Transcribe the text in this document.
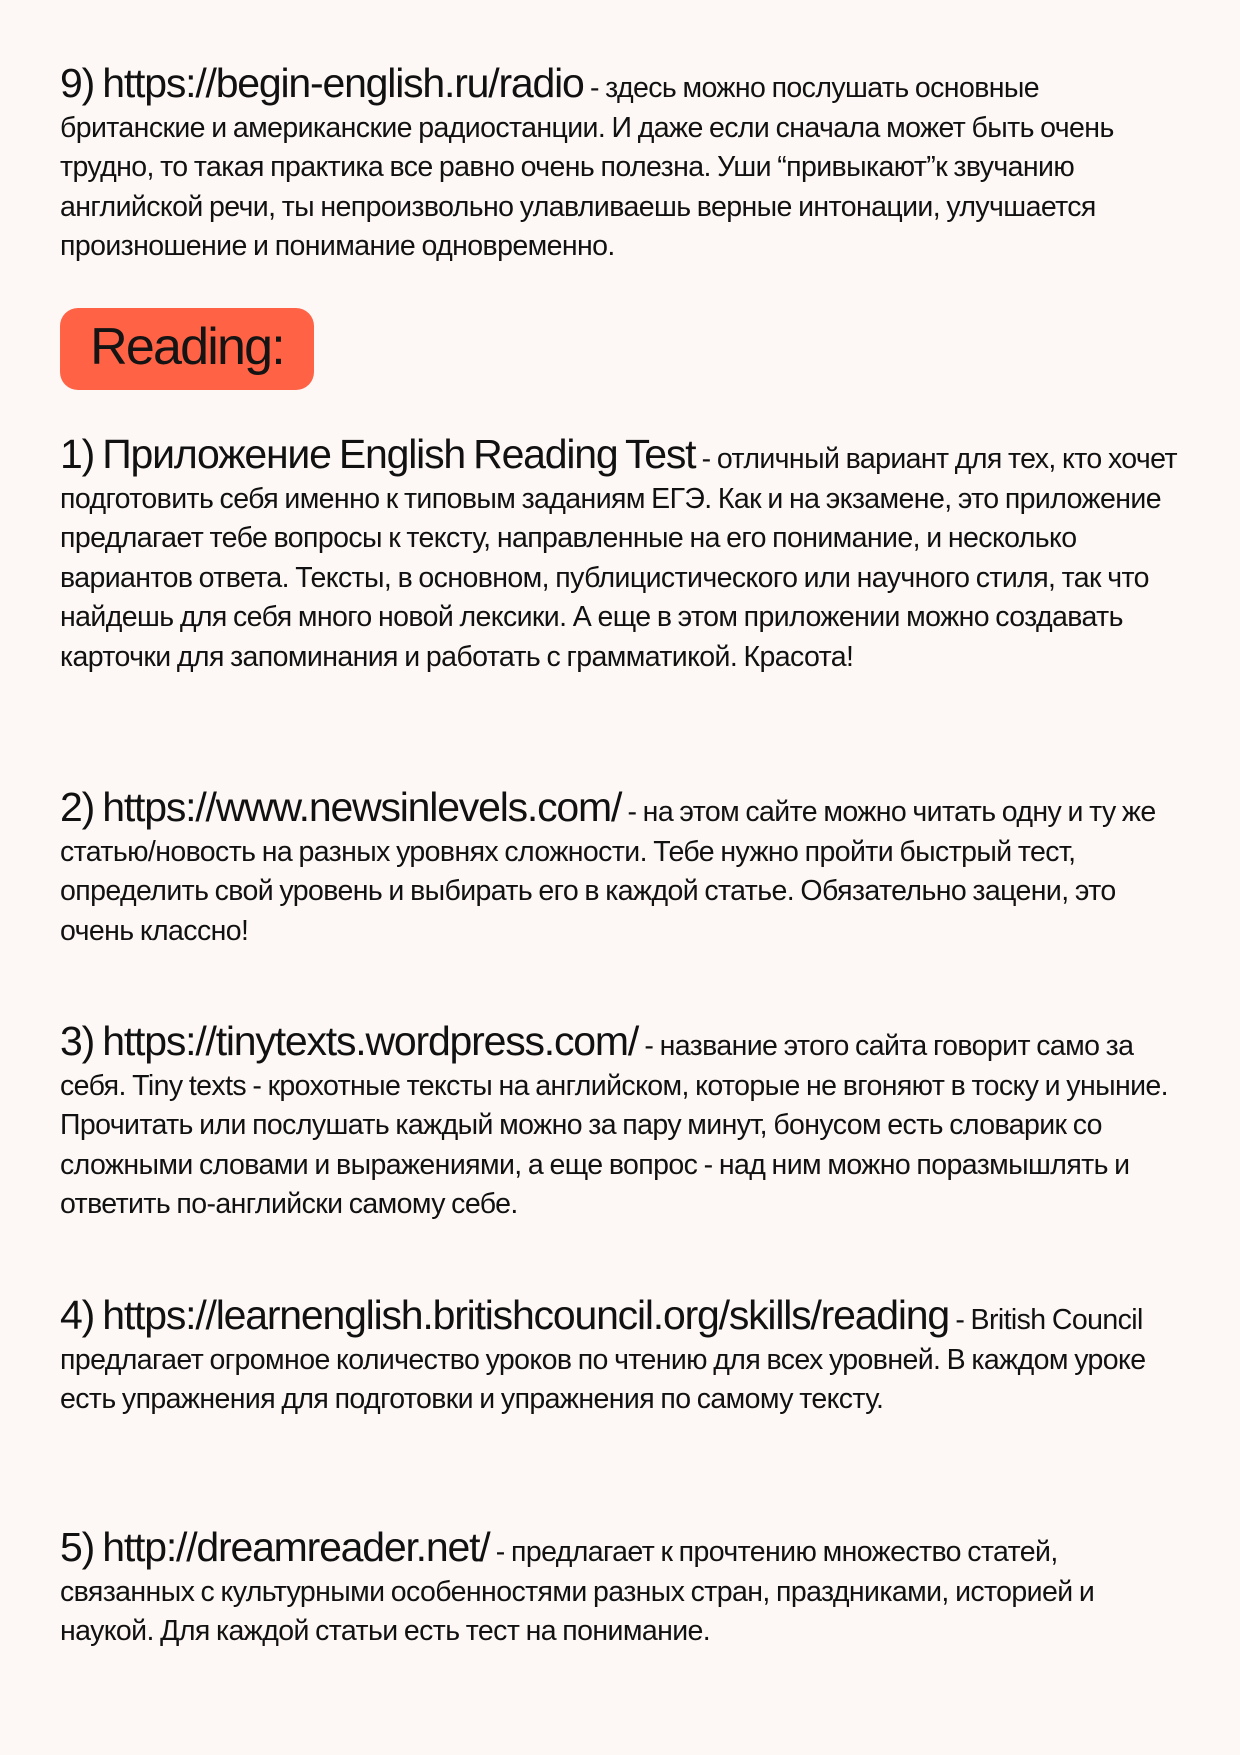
9) https://begin-english.ru/radio - здесь можно послушать основные британские и американские радиостанции. И даже если сначала может быть очень трудно, то такая практика все равно очень полезна. Уши “привыкают”к звучанию английской речи, ты непроизвольно улавливаешь верные интонации, улучшается произношение и понимание одновременно.

Reading:

1) Приложение English Reading Test - отличный вариант для тех, кто хочет подготовить себя именно к типовым заданиям ЕГЭ. Как и на экзамене, это приложение предлагает тебе вопросы к тексту, направленные на его понимание, и несколько вариантов ответа. Тексты, в основном, публицистического или научного стиля, так что найдешь для себя много новой лексики. А еще в этом приложении можно создавать карточки для запоминания и работать с грамматикой. Красота!

2) https://www.newsinlevels.com/ - на этом сайте можно читать одну и ту же статью/новость на разных уровнях сложности. Тебе нужно пройти быстрый тест, определить свой уровень и выбирать его в каждой статье. Обязательно зацени, это очень классно!

3) https://tinytexts.wordpress.com/ - название этого сайта говорит само за себя. Tiny texts - крохотные тексты на английском, которые не вгоняют в тоску и уныние. Прочитать или послушать каждый можно за пару минут, бонусом есть словарик со сложными словами и выражениями, а еще вопрос - над ним можно поразмышлять и ответить по-английски самому себе.

4) https://learnenglish.britishcouncil.org/skills/reading - British Council предлагает огромное количество уроков по чтению для всех уровней. В каждом уроке есть упражнения для подготовки и упражнения по самому тексту.

5) http://dreamreader.net/ - предлагает к прочтению множество статей, связанных с культурными особенностями разных стран, праздниками, историей и наукой. Для каждой статьи есть тест на понимание.
